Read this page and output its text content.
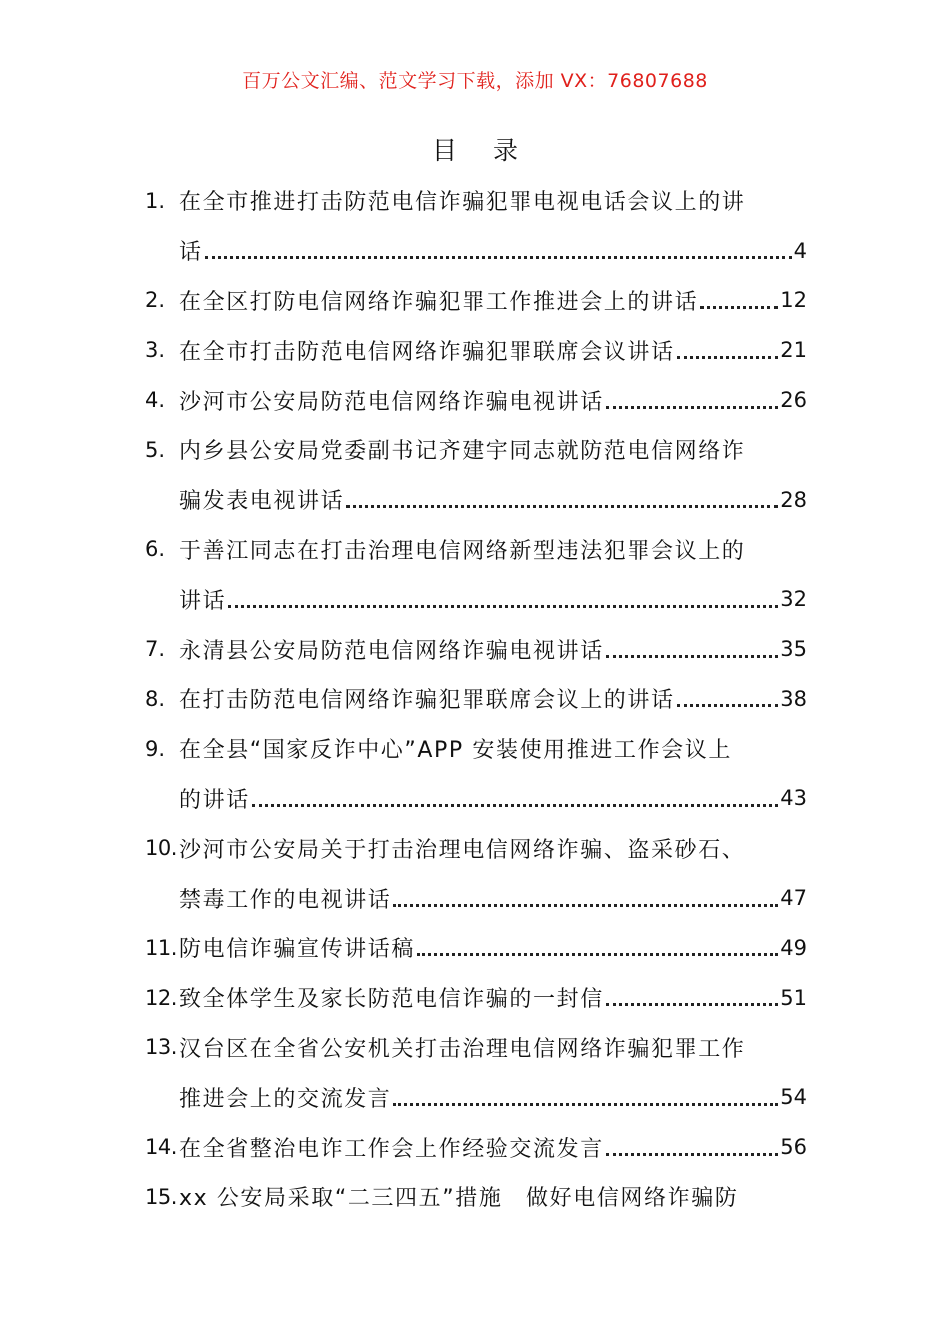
百万公文汇编、范文学习下载，添加 VX：76807688
目 录
1. 在全市推进打击防范电信诈骗犯罪电视电话会议上的讲
话	4
2. 在全区打防电信网络诈骗犯罪工作推进会上的讲话	12
3. 在全市打击防范电信网络诈骗犯罪联席会议讲话	21
4. 沙河市公安局防范电信网络诈骗电视讲话	26
5. 内乡县公安局党委副书记齐建宇同志就防范电信网络诈
骗发表电视讲话	28
6. 于善江同志在打击治理电信网络新型违法犯罪会议上的
讲话	32
7. 永清县公安局防范电信网络诈骗电视讲话	35
8. 在打击防范电信网络诈骗犯罪联席会议上的讲话	38
9. 在全县“国家反诈中心”APP 安装使用推进工作会议上
的讲话	43
10. 沙河市公安局关于打击治理电信网络诈骗、盗采砂石、
禁毒工作的电视讲话	47
11. 防电信诈骗宣传讲话稿	49
12. 致全体学生及家长防范电信诈骗的一封信	51
13. 汉台区在全省公安机关打击治理电信网络诈骗犯罪工作
推进会上的交流发言	54
14. 在全省整治电诈工作会上作经验交流发言	56
15. xx 公安局采取“二三四五”措施　做好电信网络诈骗防
